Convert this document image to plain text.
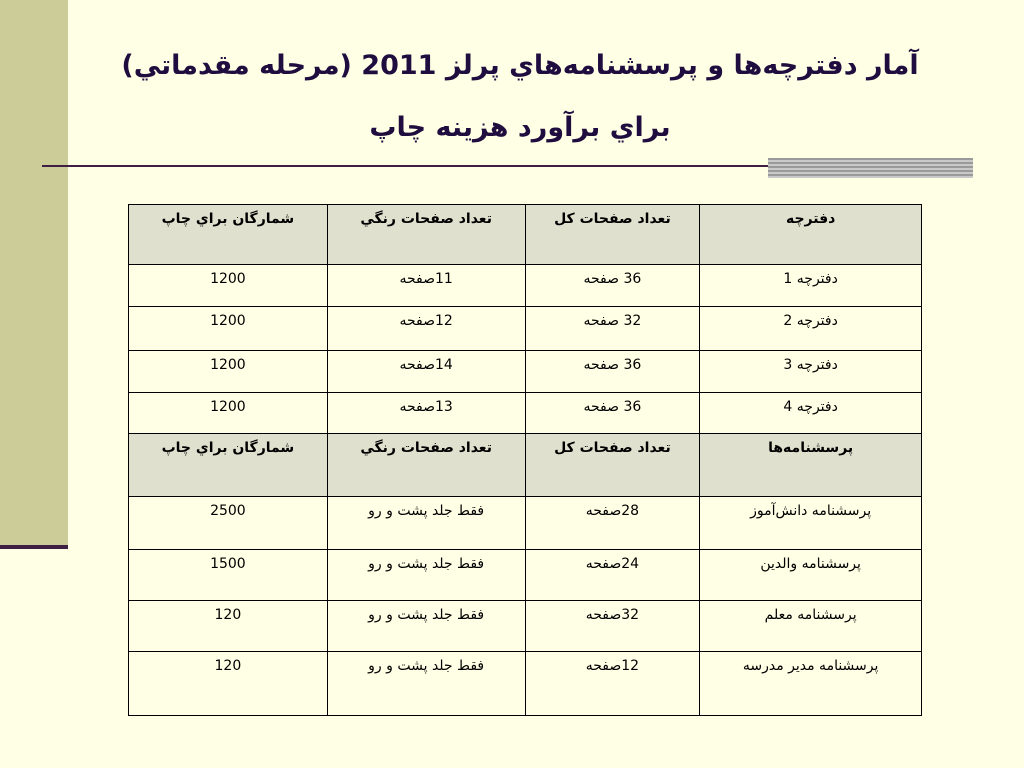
آمار دفترچه‌ها و پرسشنامه‌هاي پرلز 2011 (مرحله مقدماتي)
براي برآورد هزينه چاپ
دفترچه	تعداد صفحات كل	تعداد صفحات رنگي	شمارگان براي چاپ
دفترچه 1	36 صفحه	11صفحه	1200
دفترچه 2	32 صفحه	12صفحه	1200
دفترچه 3	36 صفحه	14صفحه	1200
دفترچه 4	36 صفحه	13صفحه	1200
پرسشنامه‌ها	تعداد صفحات كل	تعداد صفحات رنگي	شمارگان براي چاپ
پرسشنامه دانش‌آموز	28صفحه	فقط جلد پشت و رو	2500
پرسشنامه والدين	24صفحه	فقط جلد پشت و رو	1500
پرسشنامه معلم	32صفحه	فقط جلد پشت و رو	120
پرسشنامه مدير مدرسه	12صفحه	فقط جلد پشت و رو	120
